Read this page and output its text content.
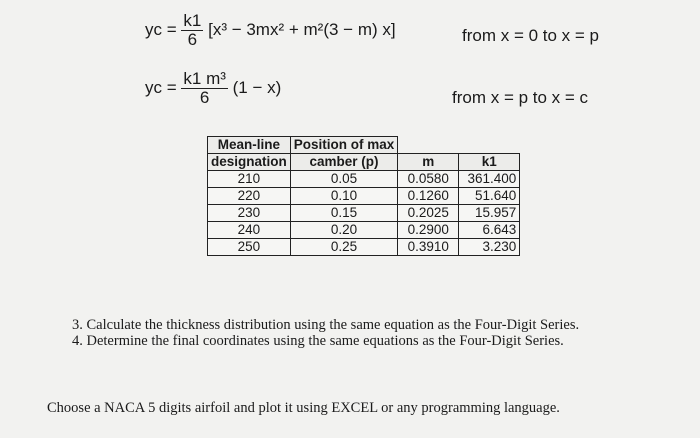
yc = $\frac{k1}{6} [x^3 - 3mx^2 + m^2(3 - m)$ x]	from x = 0 to x = p
yc = $\frac{\text{k1 m³}}{6} (1 - x)$
from x = p to x = c
Mean-line	Position of max		
designation	camber (p)	m	k1
210	0.05	0.0580	361.400
220	0.10	0.1260	51.640
230	0.15	0.2025	15.957
240	0.20	0.2900	6.643
250	0.25	0.3910	3.230
3. Calculate the thickness distribution using the same equation as the Four-Digit Series.
4. Determine the final coordinates using the same equations as the Four-Digit Series.
Choose a NACA 5 digits airfoil and plot it using EXCEL or any programming language.
